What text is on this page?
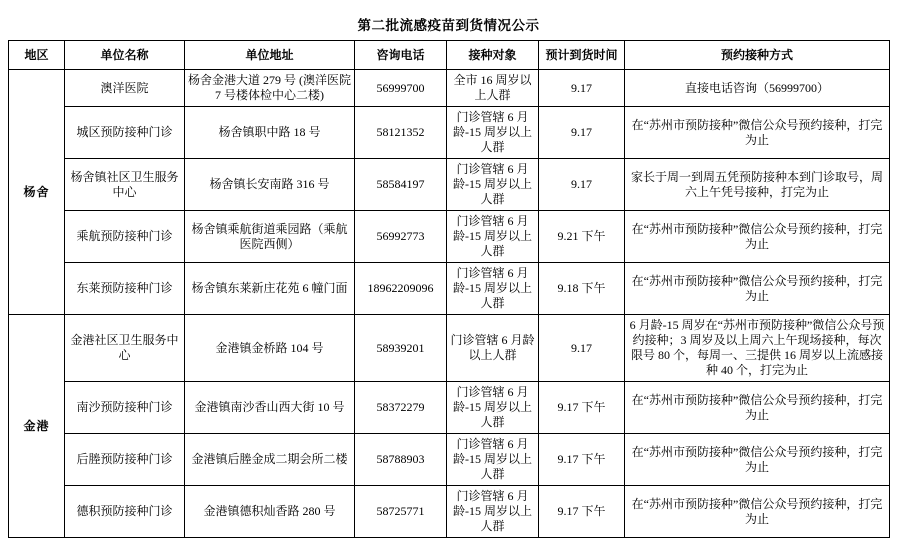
第二批流感疫苗到货情况公示
地区	单位名称	单位地址	咨询电话	接种对象	预计到货时间	预约接种方式
杨舍	澳洋医院	杨舍金港大道 279 号 (澳洋医院 7 号楼体检中心二楼)	56999700	全市 16 周岁以上人群	9.17	直接电话咨询（56999700）
	城区预防接种门诊	杨舍镇职中路 18 号	58121352	门诊管辖 6 月龄-15 周岁以上人群	9.17	在“苏州市预防接种”微信公众号预约接种，打完为止
	杨舍镇社区卫生服务中心	杨舍镇长安南路 316 号	58584197	门诊管辖 6 月龄-15 周岁以上人群	9.17	家长于周一到周五凭预防接种本到门诊取号，周六上午凭号接种，打完为止
	乘航预防接种门诊	杨舍镇乘航街道乘园路（乘航医院西侧）	56992773	门诊管辖 6 月龄-15 周岁以上人群	9.21 下午	在“苏州市预防接种”微信公众号预约接种，打完为止
	东莱预防接种门诊	杨舍镇东莱新庄花苑 6 幢门面	18962209096	门诊管辖 6 月龄-15 周岁以上人群	9.18 下午	在“苏州市预防接种”微信公众号预约接种，打完为止
金港	金港社区卫生服务中心	金港镇金桥路 104 号	58939201	门诊管辖 6 月龄以上人群	9.17	6 月龄-15 周岁在“苏州市预防接种”微信公众号预约接种；3 周岁及以上周六上午现场接种，每次限号 80 个，每周一、三提供 16 周岁以上流感接种 40 个，打完为止
	南沙预防接种门诊	金港镇南沙香山西大街 10 号	58372279	门诊管辖 6 月龄-15 周岁以上人群	9.17 下午	在“苏州市预防接种”微信公众号预约接种，打完为止
	后塍预防接种门诊	金港镇后塍金成二期会所二楼	58788903	门诊管辖 6 月龄-15 周岁以上人群	9.17 下午	在“苏州市预防接种”微信公众号预约接种，打完为止
	德积预防接种门诊	金港镇德积灿香路 280 号	58725771	门诊管辖 6 月龄-15 周岁以上人群	9.17 下午	在“苏州市预防接种”微信公众号预约接种，打完为止
